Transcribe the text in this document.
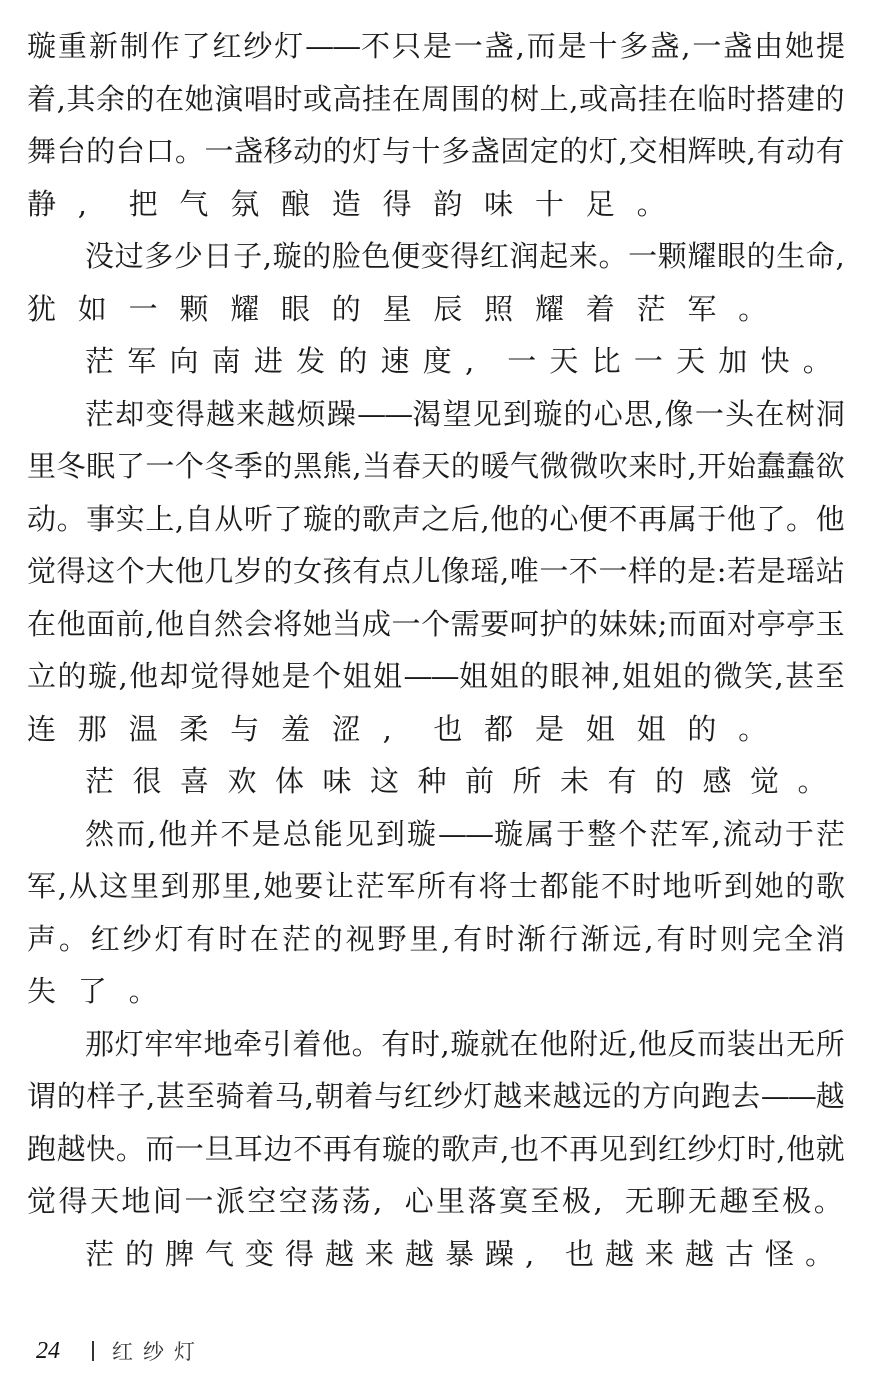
璇 重 新 制 作 了 红 纱 灯 —— 不 只 是 一 盏 , 而 是 十 多 盏 , 一 盏 由 她 提
着 , 其 余 的 在 她 演 唱 时 或 高 挂 在 周 围 的 树 上 , 或 高 挂 在 临 时 搭 建 的
舞 台 的 台 口 。 一 盏 移 动 的 灯 与 十 多 盏 固 定 的 灯 , 交 相 辉 映 , 有 动 有
静 ,	把 气 氛 酿 造 得 韵 味 十 足 。
没 过 多 少 日 子 , 璇 的 脸 色 便 变 得 红 润 起 来 。 一 颗 耀 眼 的 生 命 ,
犹 如 一 颗 耀 眼 的 星 辰 照 耀 着 茫 军 。
茫 军 向 南 进 发 的 速 度 ,	一 天 比 一 天 加 快 。
茫 却 变 得 越 来 越 烦 躁 —— 渴 望 见 到 璇 的 心 思 , 像 一 头 在 树 洞
里 冬 眠 了 一 个 冬 季 的 黑 熊 , 当 春 天 的 暖 气 微 微 吹 来 时 , 开 始 蠢 蠢 欲
动 。 事 实 上 , 自 从 听 了 璇 的 歌 声 之 后 , 他 的 心 便 不 再 属 于 他 了 。 他
觉 得 这 个 大 他 几 岁 的 女 孩 有 点 儿 像 瑶 , 唯 一 不 一 样 的 是 : 若 是 瑶 站
在 他 面 前 , 他 自 然 会 将 她 当 成 一 个 需 要 呵 护 的 妹 妹 ; 而 面 对 亭 亭 玉
立 的 璇 , 他 却 觉 得 她 是 个 姐 姐 —— 姐 姐 的 眼 神 , 姐 姐 的 微 笑 , 甚 至
连 那 温 柔 与 羞 涩 ,	也 都 是 姐 姐 的 。
茫 很 喜 欢 体 味 这 种 前 所 未 有 的 感 觉 。
然 而 , 他 并 不 是 总 能 见 到 璇 —— 璇 属 于 整 个 茫 军 , 流 动 于 茫
军 , 从 这 里 到 那 里 , 她 要 让 茫 军 所 有 将 士 都 能 不 时 地 听 到 她 的 歌
声 。 红 纱 灯 有 时 在 茫 的 视 野 里 , 有 时 渐 行 渐 远 , 有 时 则 完 全 消
失 了 。
那 灯 牢 牢 地 牵 引 着 他 。 有 时 , 璇 就 在 他 附 近 , 他 反 而 装 出 无 所
谓 的 样 子 , 甚 至 骑 着 马 , 朝 着 与 红 纱 灯 越 来 越 远 的 方 向 跑 去 —— 越
跑 越 快 。 而 一 旦 耳 边 不 再 有 璇 的 歌 声 , 也 不 再 见 到 红 纱 灯 时 , 他 就
觉 得 天 地 间 一 派 空 空 荡 荡 , 心 里 落 寞 至 极 , 无 聊 无 趣 至 极 。
茫 的 脾 气 变 得 越 来 越 暴 躁 ,	也 越 来 越 古 怪 。
24	红纱灯
